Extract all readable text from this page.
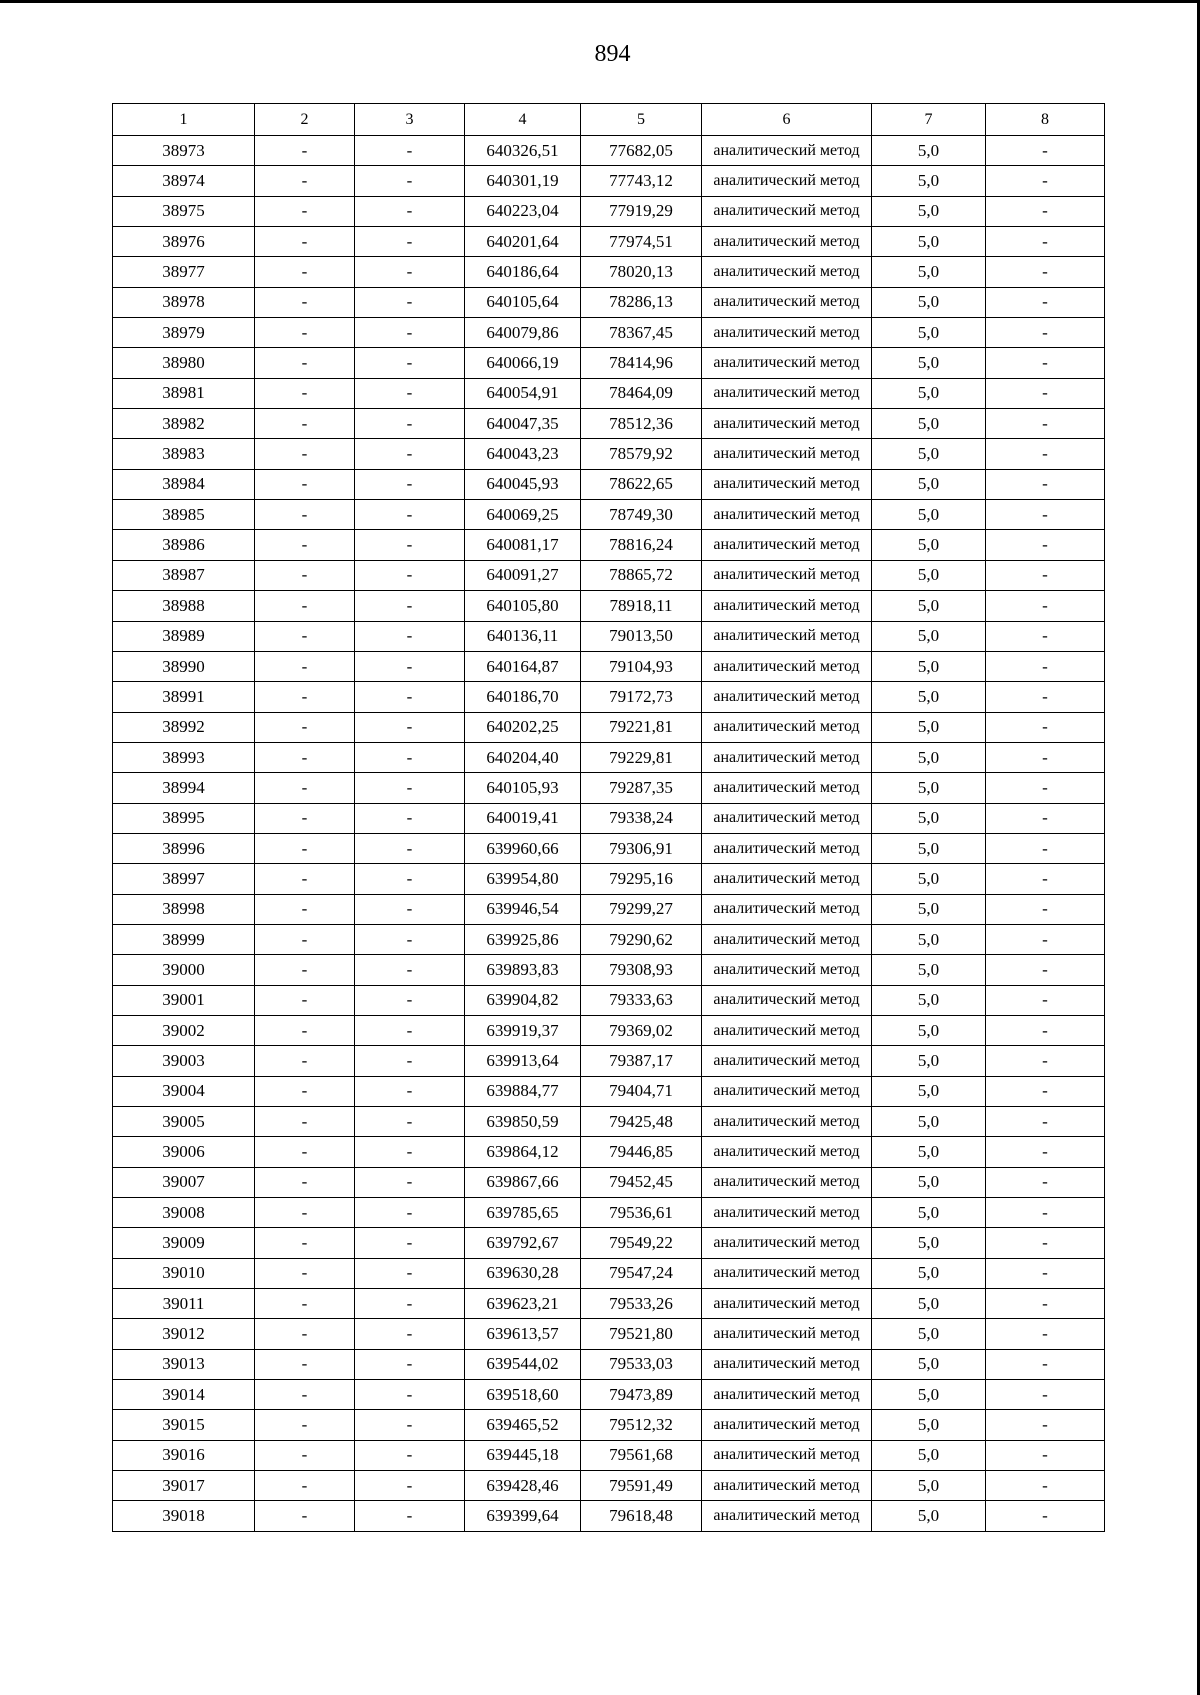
894
1	2	3	4	5	6	7	8
38973	-	-	640326,51	77682,05	аналитический метод	5,0	-
38974	-	-	640301,19	77743,12	аналитический метод	5,0	-
38975	-	-	640223,04	77919,29	аналитический метод	5,0	-
38976	-	-	640201,64	77974,51	аналитический метод	5,0	-
38977	-	-	640186,64	78020,13	аналитический метод	5,0	-
38978	-	-	640105,64	78286,13	аналитический метод	5,0	-
38979	-	-	640079,86	78367,45	аналитический метод	5,0	-
38980	-	-	640066,19	78414,96	аналитический метод	5,0	-
38981	-	-	640054,91	78464,09	аналитический метод	5,0	-
38982	-	-	640047,35	78512,36	аналитический метод	5,0	-
38983	-	-	640043,23	78579,92	аналитический метод	5,0	-
38984	-	-	640045,93	78622,65	аналитический метод	5,0	-
38985	-	-	640069,25	78749,30	аналитический метод	5,0	-
38986	-	-	640081,17	78816,24	аналитический метод	5,0	-
38987	-	-	640091,27	78865,72	аналитический метод	5,0	-
38988	-	-	640105,80	78918,11	аналитический метод	5,0	-
38989	-	-	640136,11	79013,50	аналитический метод	5,0	-
38990	-	-	640164,87	79104,93	аналитический метод	5,0	-
38991	-	-	640186,70	79172,73	аналитический метод	5,0	-
38992	-	-	640202,25	79221,81	аналитический метод	5,0	-
38993	-	-	640204,40	79229,81	аналитический метод	5,0	-
38994	-	-	640105,93	79287,35	аналитический метод	5,0	-
38995	-	-	640019,41	79338,24	аналитический метод	5,0	-
38996	-	-	639960,66	79306,91	аналитический метод	5,0	-
38997	-	-	639954,80	79295,16	аналитический метод	5,0	-
38998	-	-	639946,54	79299,27	аналитический метод	5,0	-
38999	-	-	639925,86	79290,62	аналитический метод	5,0	-
39000	-	-	639893,83	79308,93	аналитический метод	5,0	-
39001	-	-	639904,82	79333,63	аналитический метод	5,0	-
39002	-	-	639919,37	79369,02	аналитический метод	5,0	-
39003	-	-	639913,64	79387,17	аналитический метод	5,0	-
39004	-	-	639884,77	79404,71	аналитический метод	5,0	-
39005	-	-	639850,59	79425,48	аналитический метод	5,0	-
39006	-	-	639864,12	79446,85	аналитический метод	5,0	-
39007	-	-	639867,66	79452,45	аналитический метод	5,0	-
39008	-	-	639785,65	79536,61	аналитический метод	5,0	-
39009	-	-	639792,67	79549,22	аналитический метод	5,0	-
39010	-	-	639630,28	79547,24	аналитический метод	5,0	-
39011	-	-	639623,21	79533,26	аналитический метод	5,0	-
39012	-	-	639613,57	79521,80	аналитический метод	5,0	-
39013	-	-	639544,02	79533,03	аналитический метод	5,0	-
39014	-	-	639518,60	79473,89	аналитический метод	5,0	-
39015	-	-	639465,52	79512,32	аналитический метод	5,0	-
39016	-	-	639445,18	79561,68	аналитический метод	5,0	-
39017	-	-	639428,46	79591,49	аналитический метод	5,0	-
39018	-	-	639399,64	79618,48	аналитический метод	5,0	-
